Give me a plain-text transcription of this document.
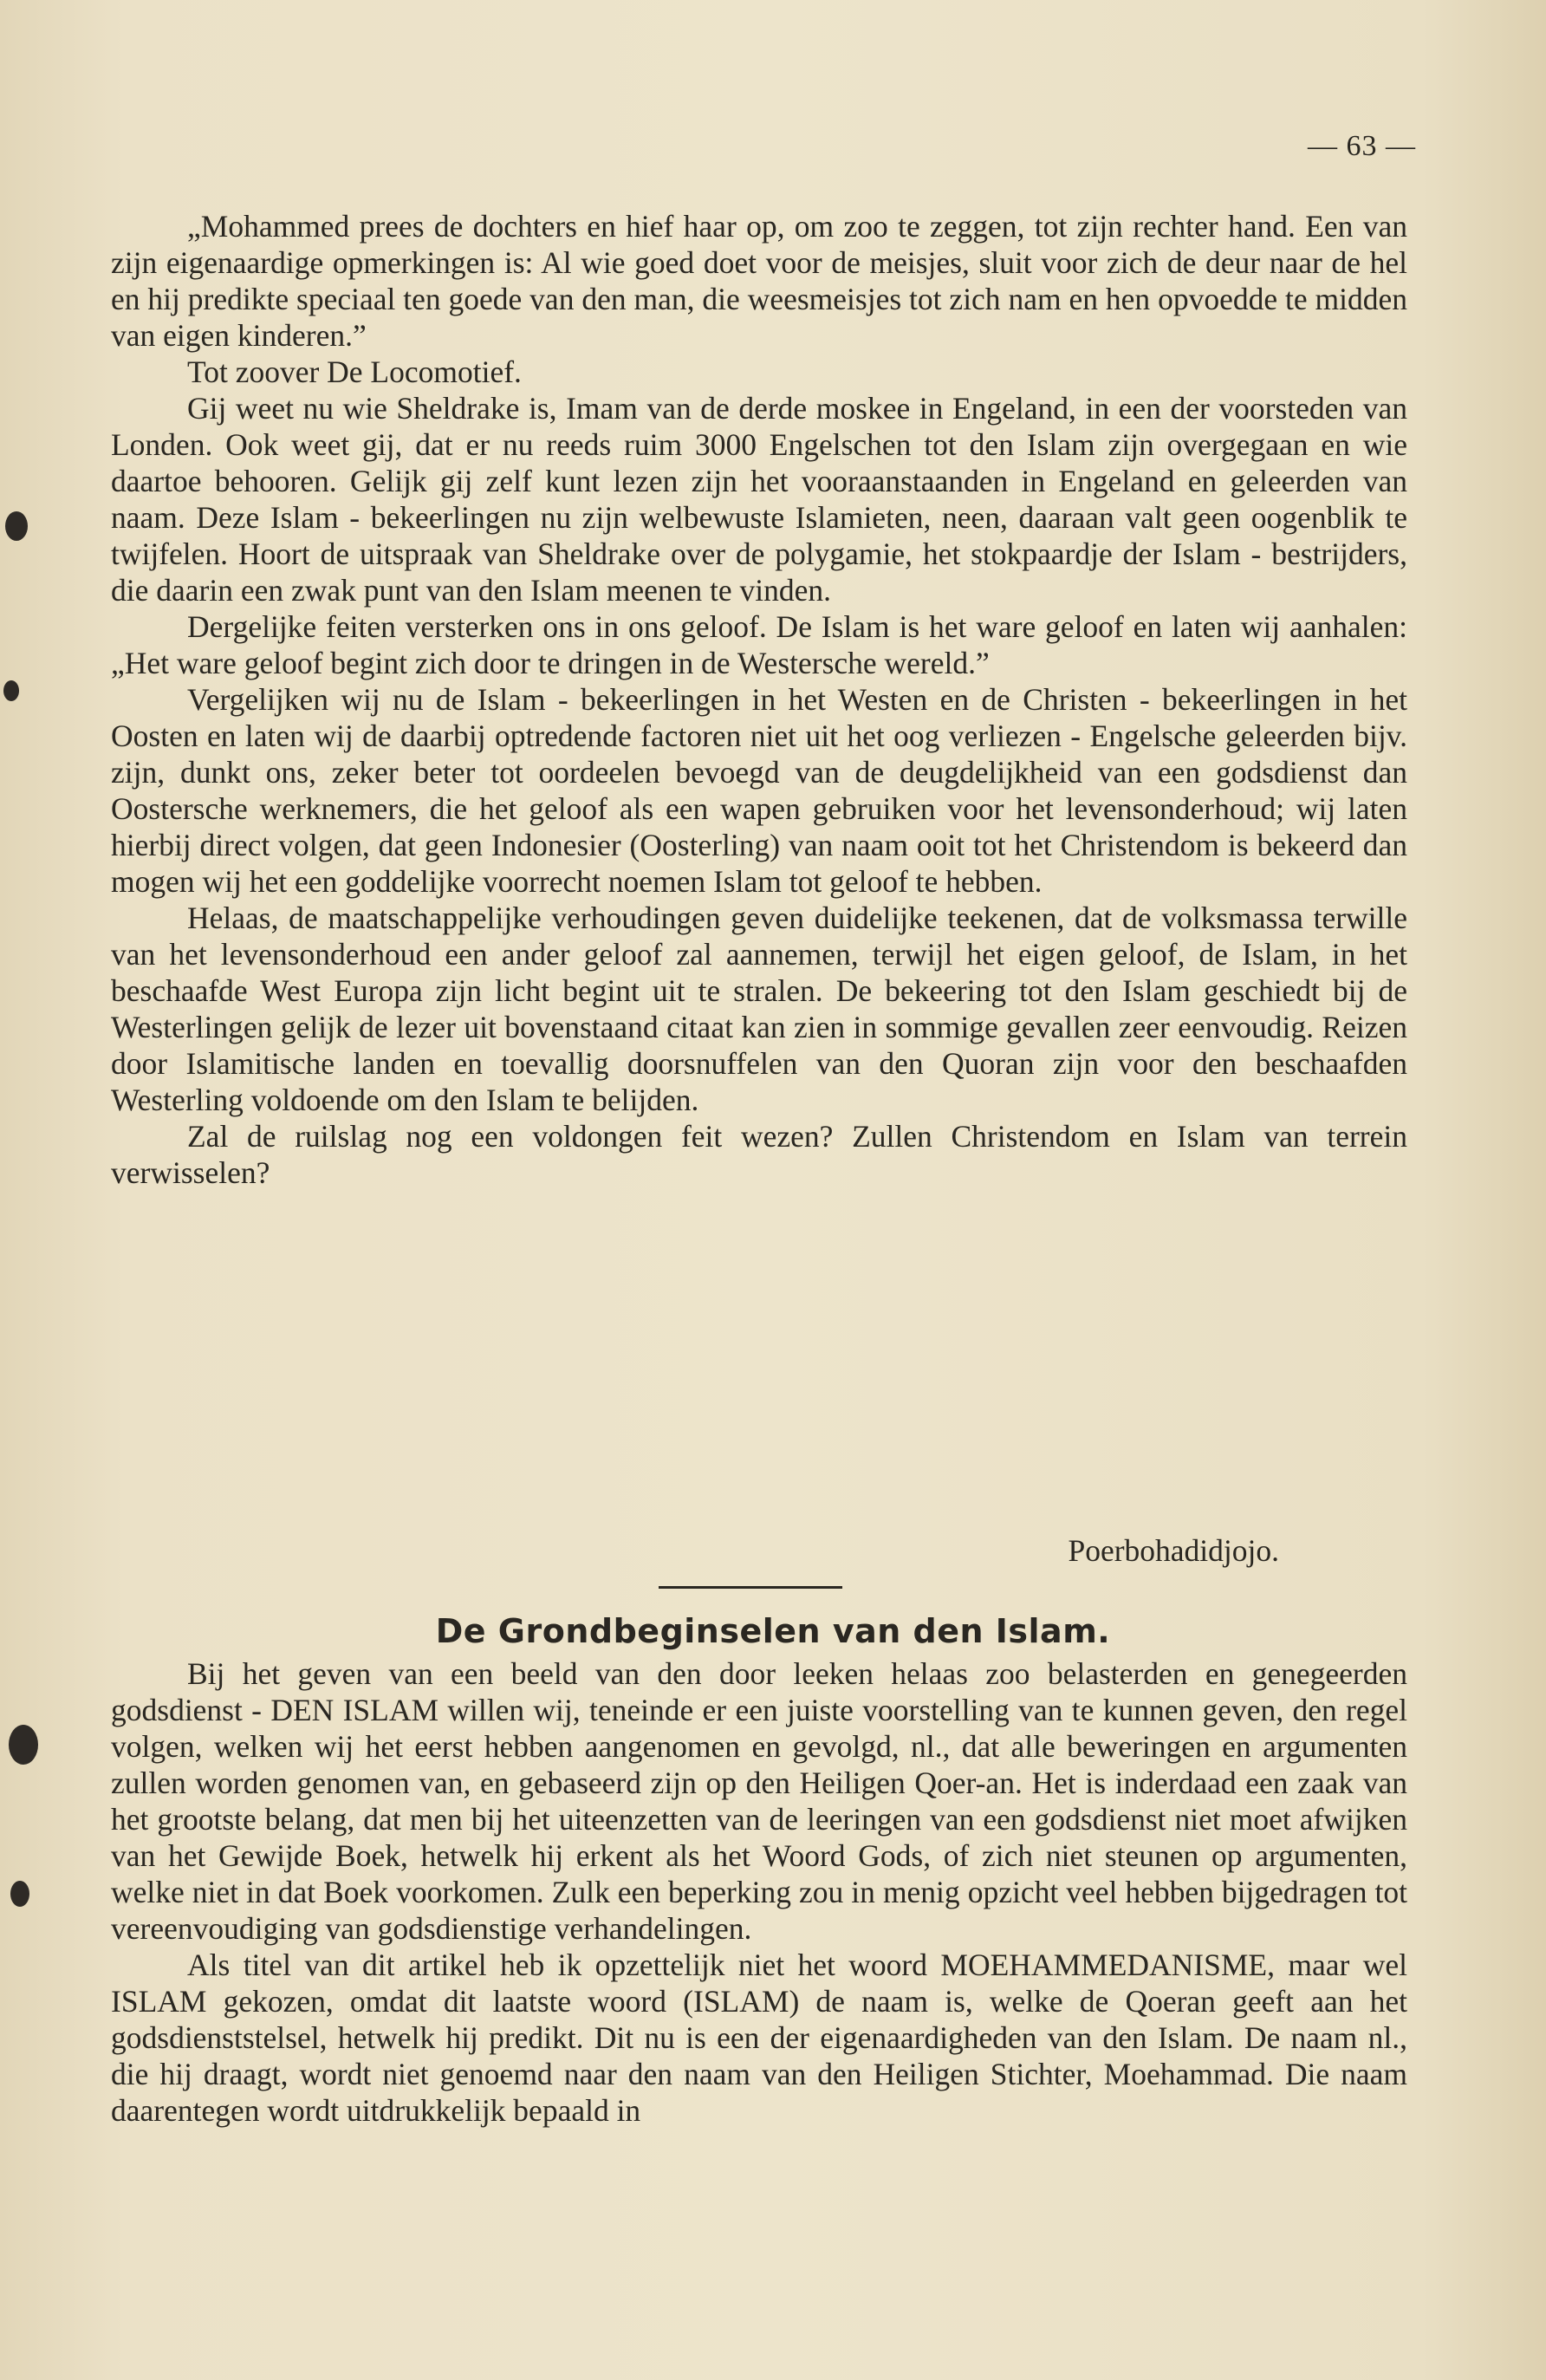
— 63 —

„Mohammed prees de dochters en hief haar op, om zoo te zeggen, tot zijn rechter hand. Een van zijn eigenaardige opmerkingen is: Al wie goed doet voor de meisjes, sluit voor zich de deur naar de hel en hij predikte speciaal ten goede van den man, die weesmeisjes tot zich nam en hen opvoedde te midden van eigen kinderen.”

Tot zoover De Locomotief.

Gij weet nu wie Sheldrake is, Imam van de derde moskee in Engeland, in een der voorsteden van Londen. Ook weet gij, dat er nu reeds ruim 3000 Engelschen tot den Islam zijn overgegaan en wie daartoe behooren. Gelijk gij zelf kunt lezen zijn het vooraanstaanden in Engeland en geleerden van naam. Deze Islam - bekeerlingen nu zijn welbewuste Islamieten, neen, daaraan valt geen oogenblik te twijfelen. Hoort de uitspraak van Sheldrake over de polygamie, het stokpaardje der Islam - bestrijders, die daarin een zwak punt van den Islam meenen te vinden.

Dergelijke feiten versterken ons in ons geloof. De Islam is het ware geloof en laten wij aanhalen: „Het ware geloof begint zich door te dringen in de Westersche wereld.”

Vergelijken wij nu de Islam - bekeerlingen in het Westen en de Christen - bekeerlingen in het Oosten en laten wij de daarbij optredende factoren niet uit het oog verliezen - Engelsche geleerden bijv. zijn, dunkt ons, zeker beter tot oordeelen bevoegd van de deugdelijkheid van een godsdienst dan Oostersche werknemers, die het geloof als een wapen gebruiken voor het levensonderhoud; wij laten hierbij direct volgen, dat geen Indonesier (Oosterling) van naam ooit tot het Christendom is bekeerd dan mogen wij het een goddelijke voorrecht noemen Islam tot geloof te hebben.

Helaas, de maatschappelijke verhoudingen geven duidelijke teekenen, dat de volksmassa terwille van het levensonderhoud een ander geloof zal aannemen, terwijl het eigen geloof, de Islam, in het beschaafde West Europa zijn licht begint uit te stralen. De bekeering tot den Islam geschiedt bij de Westerlingen gelijk de lezer uit bovenstaand citaat kan zien in sommige gevallen zeer eenvoudig. Reizen door Islamitische landen en toevallig doorsnuffelen van den Quoran zijn voor den beschaafden Westerling voldoende om den Islam te belijden.

Zal de ruilslag nog een voldongen feit wezen? Zullen Christendom en Islam van terrein verwisselen?

Poerbohadidjojo.
De Grondbeginselen van den Islam.

Bij het geven van een beeld van den door leeken helaas zoo belasterden en genegeerden godsdienst - DEN ISLAM willen wij, teneinde er een juiste voorstelling van te kunnen geven, den regel volgen, welken wij het eerst hebben aangenomen en gevolgd, nl., dat alle beweringen en argumenten zullen worden genomen van, en gebaseerd zijn op den Heiligen Qoer-an. Het is inderdaad een zaak van het grootste belang, dat men bij het uiteenzetten van de leeringen van een godsdienst niet moet afwijken van het Gewijde Boek, hetwelk hij erkent als het Woord Gods, of zich niet steunen op argumenten, welke niet in dat Boek voorkomen. Zulk een beperking zou in menig opzicht veel hebben bijgedragen tot vereenvoudiging van godsdienstige verhandelingen.

Als titel van dit artikel heb ik opzettelijk niet het woord MOEHAMMEDANISME, maar wel ISLAM gekozen, omdat dit laatste woord (ISLAM) de naam is, welke de Qoeran geeft aan het godsdienststelsel, hetwelk hij predikt. Dit nu is een der eigenaardigheden van den Islam. De naam nl., die hij draagt, wordt niet genoemd naar den naam van den Heiligen Stichter, Moehammad. Die naam daarentegen wordt uitdrukkelijk bepaald in
